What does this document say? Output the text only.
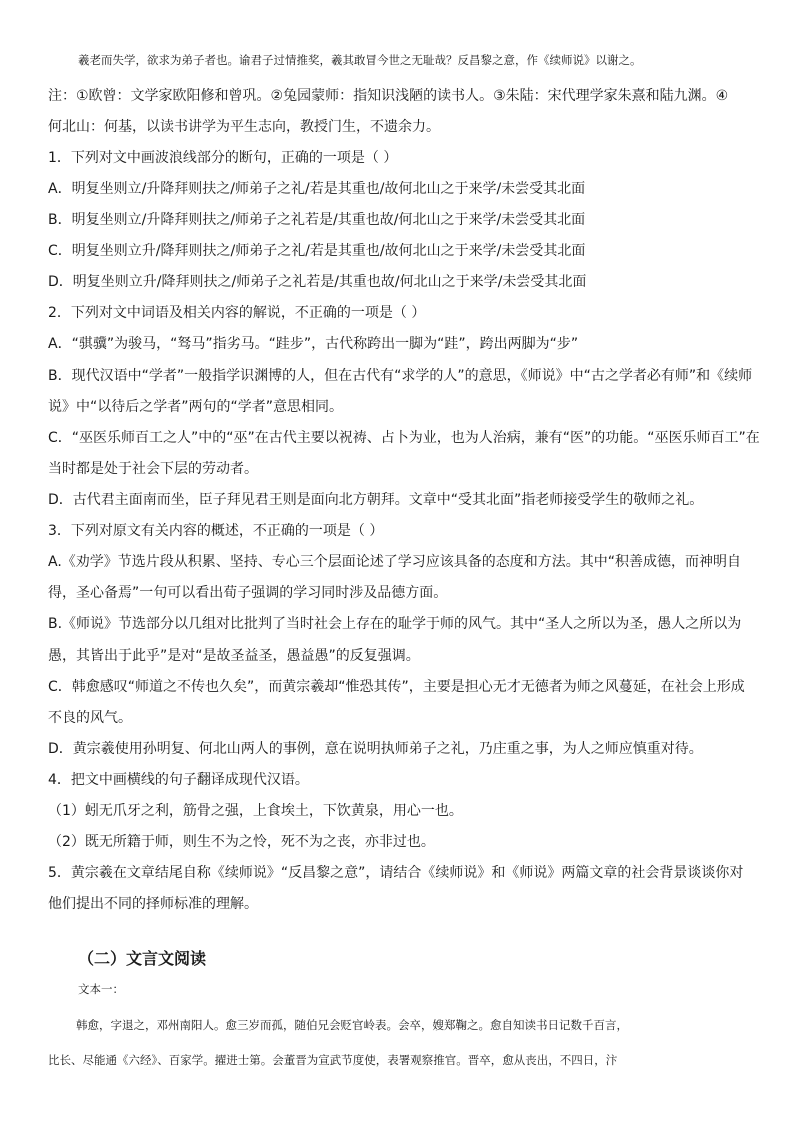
羲老而失学，欲求为弟子者也。谕君子过情推奖，羲其敢冒今世之无耻哉？反昌黎之意，作《续师说》以谢之。
注：①欧曾：文学家欧阳修和曾巩。②兔园蒙师：指知识浅陋的读书人。③朱陆：宋代理学家朱熹和陆九渊。④
何北山：何基，以读书讲学为平生志向，教授门生，不遗余力。
1．下列对文中画波浪线部分的断句，正确的一项是（ ）
A．明复坐则立/升降拜则扶之/师弟子之礼/若是其重也/故何北山之于来学/未尝受其北面
B．明复坐则立/升降拜则扶之/师弟子之礼若是/其重也故/何北山之于来学/未尝受其北面
C．明复坐则立升/降拜则扶之/师弟子之礼/若是其重也/故何北山之于来学/未尝受其北面
D．明复坐则立升/降拜则扶之/师弟子之礼若是/其重也故/何北山之于来学/未尝受其北面
2．下列对文中词语及相关内容的解说，不正确的一项是（ ）
A．“骐骥”为骏马，“驽马”指劣马。“跬步”，古代称跨出一脚为“跬”，跨出两脚为“步”
B．现代汉语中“学者”一般指学识渊博的人，但在古代有“求学的人”的意思，《师说》中“古之学者必有师”和《续师
说》中“以待后之学者”两句的“学者”意思相同。
C．“巫医乐师百工之人”中的“巫”在古代主要以祝祷、占卜为业，也为人治病，兼有“医”的功能。“巫医乐师百工”在
当时都是处于社会下层的劳动者。
D．古代君主面南而坐，臣子拜见君王则是面向北方朝拜。文章中“受其北面”指老师接受学生的敬师之礼。
3．下列对原文有关内容的概述，不正确的一项是（ ）
A.《劝学》节选片段从积累、坚持、专心三个层面论述了学习应该具备的态度和方法。其中“积善成德，而神明自
得，圣心备焉”一句可以看出荀子强调的学习同时涉及品德方面。
B.《师说》节选部分以几组对比批判了当时社会上存在的耻学于师的风气。其中“圣人之所以为圣，愚人之所以为
愚，其皆出于此乎”是对“是故圣益圣，愚益愚”的反复强调。
C．韩愈感叹“师道之不传也久矣”，而黄宗羲却“惟恐其传”，主要是担心无才无德者为师之风蔓延，在社会上形成
不良的风气。
D．黄宗羲使用孙明复、何北山两人的事例，意在说明执师弟子之礼，乃庄重之事，为人之师应慎重对待。
4．把文中画横线的句子翻译成现代汉语。
（1）蚓无爪牙之利，筋骨之强，上食埃土，下饮黄泉，用心一也。
（2）既无所籍于师，则生不为之怜，死不为之丧，亦非过也。
5．黄宗羲在文章结尾自称《续师说》“反昌黎之意”，请结合《续师说》和《师说》两篇文章的社会背景谈谈你对
他们提出不同的择师标准的理解。
（二）文言文阅读
文本一：
韩愈，字退之，邓州南阳人。愈三岁而孤，随伯兄会贬官岭表。会卒，嫂郑鞠之。愈自知读书日记数千百言，
比长、尽能通《六经》、百家学。擢进士第。会董晋为宣武节度使，表署观察推官。晋卒，愈从丧出，不四日，汴
